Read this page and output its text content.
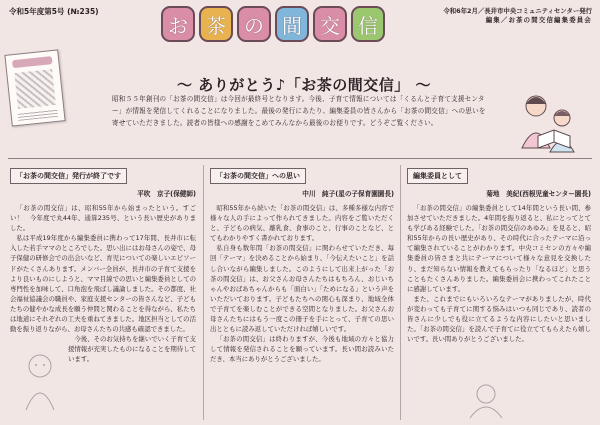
令和5年度第5号 (№235)
お 茶 の 間 交 信
令和6年2月／長井市中央コミュニティセンター発行
編集／お茶の間交信編集委員会
～ ありがとう♪「お茶の間交信」 ～
昭和５５年創刊の「お茶の間交信」は今回が最終号となります。今後、子育て情報については「くるんと子育て支援センター」が情報を発信してくれることになりました。最後の発行にあたり、編集委員の皆さんから「お茶の間交信」への思いを寄せていただきました。読者の皆様への感謝をこめてみんなから最後のお便りです。どうぞご覧ください。
「お茶の間交信」発行が終了です
平吹　京子(保健師)

「お茶の間交信」は、昭和55年から始まったという。すごい！　今年度で丸44年、通算235号、という長い歴史がありました。

私は平成19年度から編集委員に携わって17年間、長井市に転入した若手ママのところでした。思い出にはお母さんの姿で、母子保健の研修会での出会いなど、育児についての楽しいエピソードがたくさんあります。メンバー全員が、長井市の子育て支援をより良いものにしようと、ママ目線での思いと編集委員としての専門性を加味して、口角泡を飛ばし議論しました。その都度、社会福祉協議会の職員や、家庭支援センターの皆さんなど、子どもたちの健やかな成長を願う仲間と関わることを得ながら、私たちは地道にそれぞれの工夫を重ねてきました。地区担当としての活動を振り返りながら、お母さんたちの共感も確認できました。

今後、そのお気持ちを継いでいく子育て支援情報が充実したものになることを期待しています。

「お茶の間交信」への思い
中川　純子(星の子保育園園長)

昭和55年から続いた「お茶の間交信」は、多種多様な内容で様々な人の手によって作られてきました。内容をご覧いただくと、子どもの病気、離乳食、食事のこと、行事のことなど、とてもわかりやすく書かれております。

私自身も数年間「お茶の間交信」に関わらせていただき、毎回「テーマ」を決めることから始まり、「今伝えたいこと」を話し合いながら編集しました。このようにして出来上がった「お茶の間交信」は、お父さんお母さんたちはもちろん、おじいちゃんやおばあちゃんからも「面白い」「ためになる」という声をいただいております。子どもたちへの関心も深まり、地域全体で子育てを楽しむことができる空間となりました。お父さんお母さんたちにはもう一度この冊子を手にとって、子育ての思い出とともに読み返していただければ嬉しいです。

「お茶の間交信」は終わりますが、今後も地域の方々と協力して情報を発信されることを願っています。長い間お読みいただき、本当にありがとうございました。

編集委員として
菊地　美紀(西根児童センター園長)

「お茶の間交信」の編集委員として14年間という長い間、参加させていただきました。4年間を振り返ると、私にとってとても学びある経験でした。「お茶の間交信のあゆみ」を見ると、昭和55年からの長い歴史があり、その時代に合ったテーマに沿って編集されていることがわかります。中央コミセンの方々や編集委員の皆さまと共にテーマについて様々な意見を交換したり、まだ知らない情報を教えてもらったり「なるほど」と思うこともたくさんありました。編集委員会に携わってこれたことに感謝しています。

また、これまでにもいろいろなテーマがありましたが、時代が変わっても子育てに関する悩みはいつも同じであり、読者の皆さんに少しでも役に立てるような内容にしたいと思いました。「お茶の間交信」を読んで子育てに役立ててもらえたら嬉しいです。長い間ありがとうございました。
